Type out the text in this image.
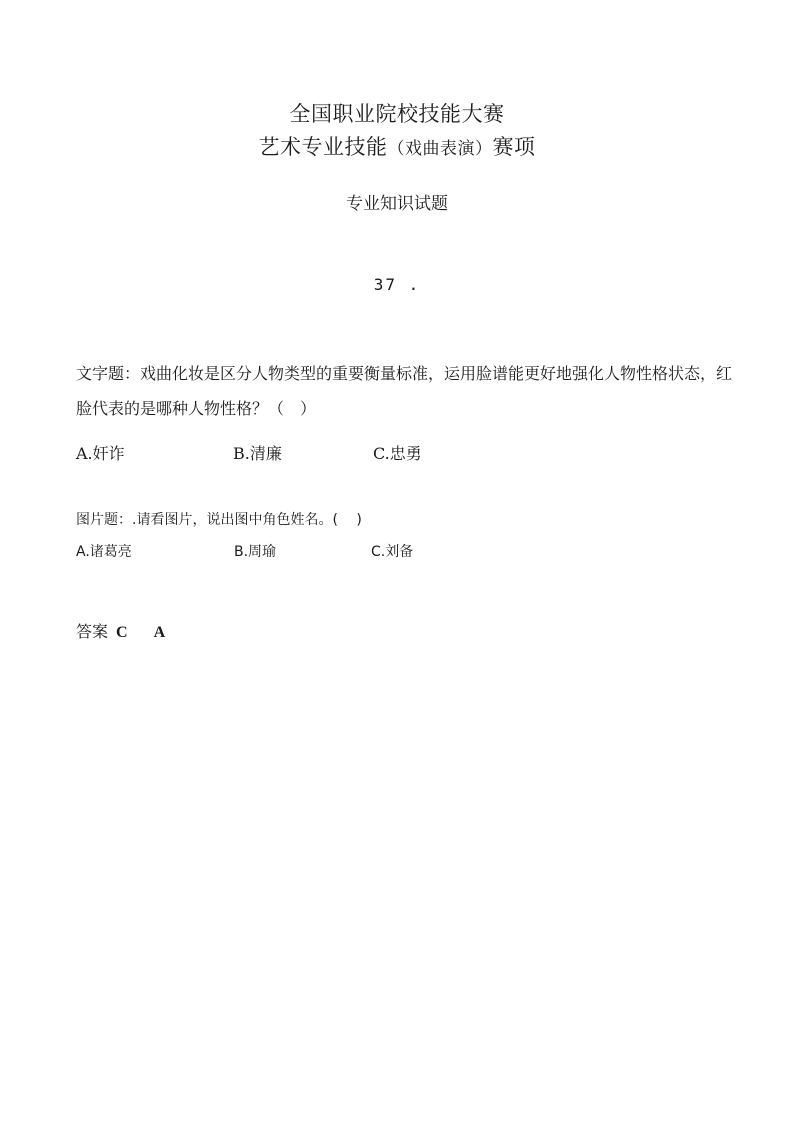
全国职业院校技能大赛
艺术专业技能（戏曲表演）赛项
专业知识试题
37 .
文字题：戏曲化妆是区分人物类型的重要衡量标准，运用脸谱能更好地强化人物性格状态，红脸代表的是哪种人物性格？（　）
A.奸诈	B.清廉	C.忠勇
图片题：.请看图片，说出图中角色姓名。(　 )
A.诸葛亮	B.周瑜	C.刘备
答案 C A
